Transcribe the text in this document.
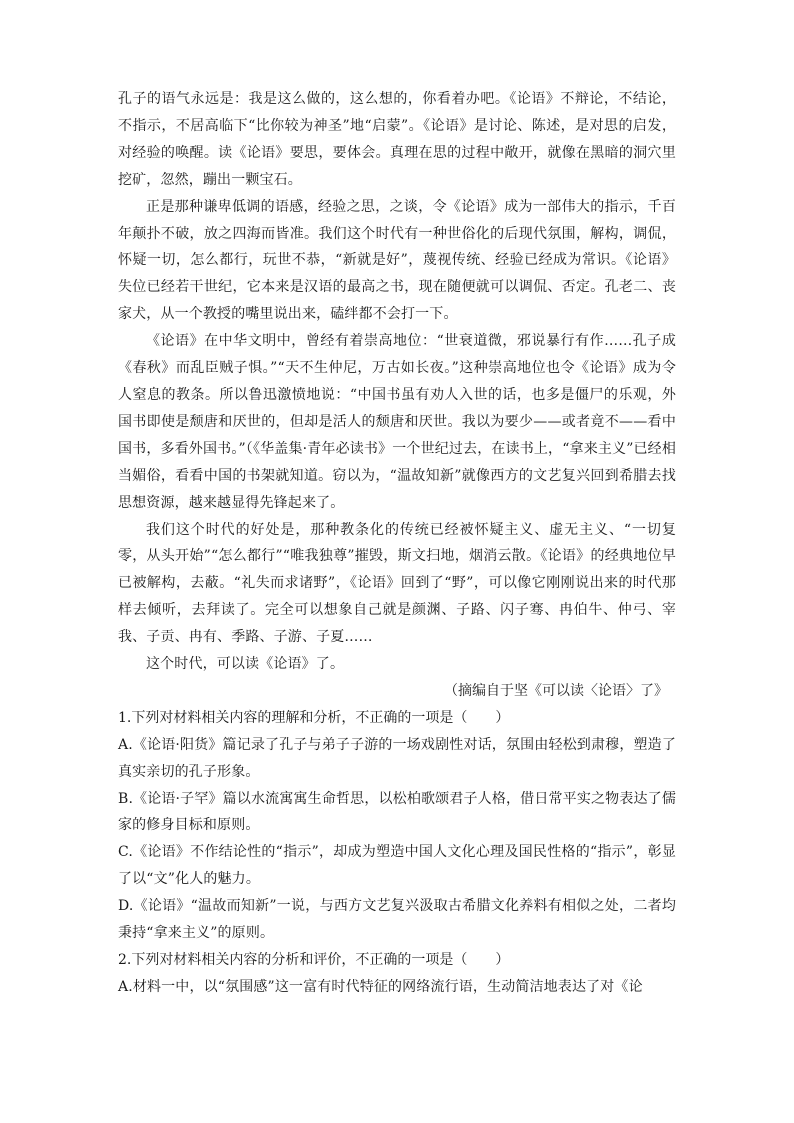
孔子的语气永远是：我是这么做的，这么想的，你看着办吧。《论语》不辩论，不结论，不指示，不居高临下“比你较为神圣”地“启蒙”。《论语》是讨论、陈述，是对思的启发，对经验的唤醒。读《论语》要思，要体会。真理在思的过程中敞开，就像在黑暗的洞穴里挖矿，忽然，蹦出一颗宝石。

正是那种谦卑低调的语感，经验之思，之谈，令《论语》成为一部伟大的指示，千百年颠扑不破，放之四海而皆准。我们这个时代有一种世俗化的后现代氛围，解构，调侃，怀疑一切，怎么都行，玩世不恭，“新就是好”，蔑视传统、经验已经成为常识。《论语》失位已经若干世纪，它本来是汉语的最高之书，现在随便就可以调侃、否定。孔老二、丧家犬，从一个教授的嘴里说出来，磕绊都不会打一下。

《论语》在中华文明中，曾经有着崇高地位：“世衰道微，邪说暴行有作……孔子成《春秋》而乱臣贼子惧。”“天不生仲尼，万古如长夜。”这种崇高地位也令《论语》成为令人窒息的教条。所以鲁迅激愤地说：“中国书虽有劝人入世的话，也多是僵尸的乐观，外国书即使是颓唐和厌世的，但却是活人的颓唐和厌世。我以为要少——或者竟不——看中国书，多看外国书。”（《华盖集·青年必读书》一个世纪过去，在读书上，“拿来主义”已经相当媚俗，看看中国的书架就知道。窃以为，“温故知新”就像西方的文艺复兴回到希腊去找思想资源，越来越显得先锋起来了。

我们这个时代的好处是，那种教条化的传统已经被怀疑主义、虚无主义、“一切复零，从头开始”“怎么都行”“唯我独尊”摧毁，斯文扫地，烟消云散。《论语》的经典地位早已被解构，去蔽。“礼失而求诸野”，《论语》回到了“野”，可以像它刚刚说出来的时代那样去倾听，去拜读了。完全可以想象自己就是颜渊、子路、闪子骞、冉伯牛、仲弓、宰我、子贡、冉有、季路、子游、子夏……

这个时代，可以读《论语》了。

（摘编自于坚《可以读〈论语〉了》

1.下列对材料相关内容的理解和分析，不正确的一项是（　　）

A.《论语·阳货》篇记录了孔子与弟子子游的一场戏剧性对话，氛围由轻松到肃穆，塑造了真实亲切的孔子形象。

B.《论语·子罕》篇以水流寓寓生命哲思，以松柏歌颂君子人格，借日常平实之物表达了儒家的修身目标和原则。

C.《论语》不作结论性的“指示”，却成为塑造中国人文化心理及国民性格的“指示”，彰显了以“文”化人的魅力。

D.《论语》“温故而知新”一说，与西方文艺复兴汲取古希腊文化养料有相似之处，二者均秉持“拿来主义”的原则。

2.下列对材料相关内容的分析和评价，不正确的一项是（　　）

A.材料一中，以“氛围感”这一富有时代特征的网络流行语，生动简洁地表达了对《论
